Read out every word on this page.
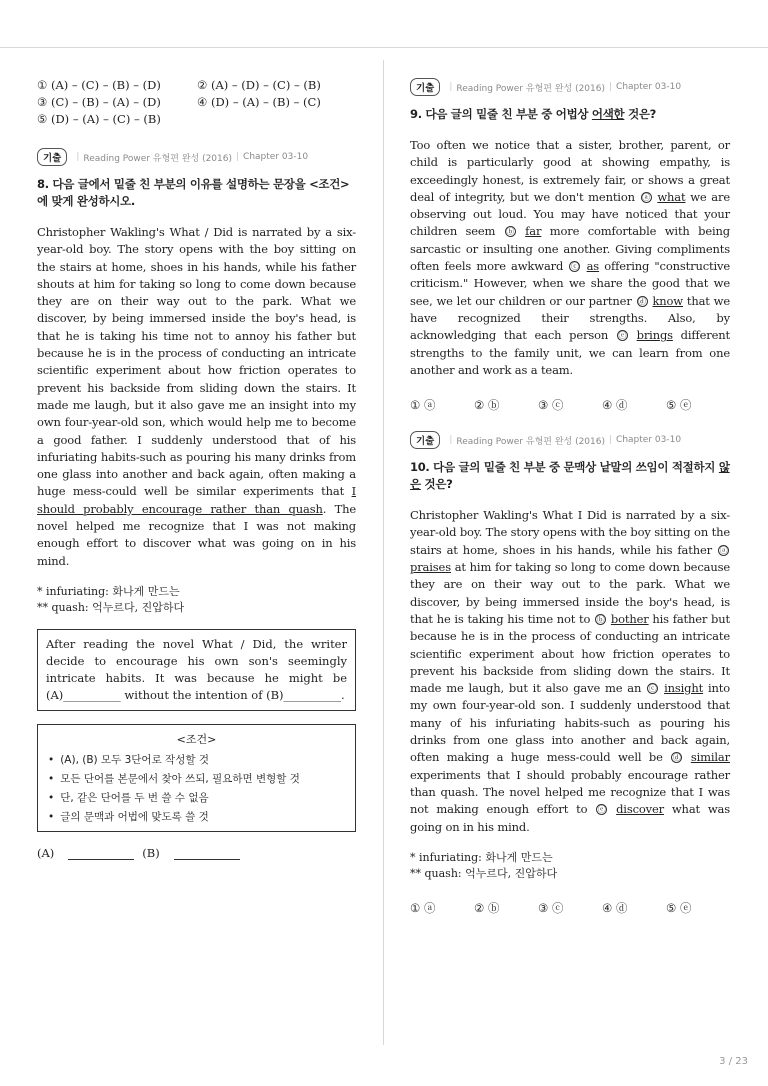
① (A) – (C) – (B) – (D)	② (A) – (D) – (C) – (B)
③ (C) – (B) – (A) – (D)	④ (D) – (A) – (B) – (C)
⑤ (D) – (A) – (C) – (B)
기출	| Reading Power 유형편 완성 (2016) | Chapter 03-10
8. 다음 글에서 밑줄 친 부분의 이유를 설명하는 문장을 <조건>에 맞게 완성하시오.
Christopher Wakling's What / Did is narrated by a six-year-old boy. The story opens with the boy sitting on the stairs at home, shoes in his hands, while his father shouts at him for taking so long to come down because they are on their way out to the park. What we discover, by being immersed inside the boy's head, is that he is taking his time not to annoy his father but because he is in the process of conducting an intricate scientific experiment about how friction operates to prevent his backside from sliding down the stairs. It made me laugh, but it also gave me an insight into my own four-year-old son, which would help me to become a good father. I suddenly understood that of his infuriating habits-such as pouring his many drinks from one glass into another and back again, often making a huge mess-could well be similar experiments that I should probably encourage rather than quash. The novel helped me recognize that I was not making enough effort to discover what was going on in his mind.
* infuriating: 화나게 만드는
** quash: 억누르다, 진압하다
After reading the novel What / Did, the writer decide to encourage his own son's seemingly intricate habits. It was because he might be (A)__________ without the intention of (B)__________.
<조건>
• (A), (B) 모두 3단어로 작성할 것
• 모든 단어를 본문에서 찾아 쓰되, 필요하면 변형할 것
• 단, 같은 단어를 두 번 쓸 수 없음
• 글의 문맥과 어법에 맞도록 쓸 것
(A)	(B)
기출	| Reading Power 유형편 완성 (2016) | Chapter 03-10
9. 다음 글의 밑줄 친 부분 중 어법상 어색한 것은?
Too often we notice that a sister, brother, parent, or child is particularly good at showing empathy, is exceedingly honest, is extremely fair, or shows a great deal of integrity, but we don't mention ⓐ what we are observing out loud. You may have noticed that your children seem ⓑ far more comfortable with being sarcastic or insulting one another. Giving compliments often feels more awkward ⓒ as offering "constructive criticism." However, when we share the good that we see, we let our children or our partner ⓓ know that we have recognized their strengths. Also, by acknowledging that each person ⓔ brings different strengths to the family unit, we can learn from one another and work as a team.
① ⓐ	② ⓑ	③ ⓒ	④ ⓓ	⑤ ⓔ
기출	| Reading Power 유형편 완성 (2016) | Chapter 03-10
10. 다음 글의 밑줄 친 부분 중 문맥상 낱말의 쓰임이 적절하지 않은 것은?
Christopher Wakling's What I Did is narrated by a six-year-old boy. The story opens with the boy sitting on the stairs at home, shoes in his hands, while his father ⓐ praises at him for taking so long to come down because they are on their way out to the park. What we discover, by being immersed inside the boy's head, is that he is taking his time not to ⓑ bother his father but because he is in the process of conducting an intricate scientific experiment about how friction operates to prevent his backside from sliding down the stairs. It made me laugh, but it also gave me an ⓒ insight into my own four-year-old son. I suddenly understood that many of his infuriating habits-such as pouring his drinks from one glass into another and back again, often making a huge mess-could well be ⓓ similar experiments that I should probably encourage rather than quash. The novel helped me recognize that I was not making enough effort to ⓔ discover what was going on in his mind.
* infuriating: 화나게 만드는
** quash: 억누르다, 진압하다
① ⓐ	② ⓑ	③ ⓒ	④ ⓓ	⑤ ⓔ
3 / 23
